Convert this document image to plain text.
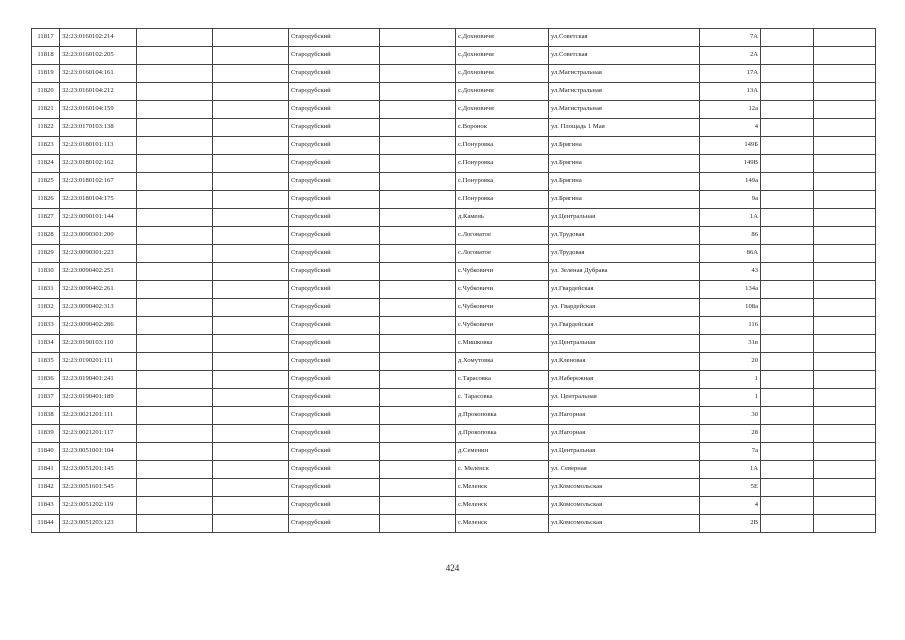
11817	32:23:0160102:214			Стародубский		с.Дохновичи	ул.Советская	7А		
11818	32:23:0160102:205			Стародубский		с.Дохновичи	ул.Советская	2А		
11819	32:23:0160104:161			Стародубский		с.Дохновичи	ул.Магистральная	17А		
11820	32:23:0160104:212			Стародубский		с.Дохновичи	ул.Магистральная	13А		
11821	32:23:0160104:159			Стародубский		с.Дохновичи	ул.Магистральная	12а		
11822	32:23:0170103:138			Стародубский		с.Воронок	ул. Площадь 1 Мая	4		
11823	32:23:0180101:113			Стародубский		с.Понуровка	ул.Брягина	149Б		
11824	32:23:0180102:162			Стародубский		с.Понуровка	ул.Брягина	149В		
11825	32:23:0180102:167			Стародубский		с.Понуровка	ул.Брягина	149а		
11826	32:23:0180104:175			Стародубский		с.Понуровка	ул.Брягина	9а		
11827	32:23:0090101:144			Стародубский		д.Камень	ул.Центральная	1А		
11828	32:23:0090301:200			Стародубский		с.Логоватое	ул.Трудовая	86		
11829	32:23:0090301:223			Стародубский		с.Логоватое	ул.Трудовая	86А		
11830	32:23:0090402:251			Стародубский		с.Чубковичи	ул. Зеленая Дубрава	43		
11831	32:23:0090402:261			Стародубский		с.Чубковичи	ул.Гвардейская	134а		
11832	32:23:0090402:313			Стародубский		с.Чубковичи	ул. Гвардейская	108а		
11833	32:23:0090402:286			Стародубский		с.Чубковичи	ул.Гвардейская	116		
11834	32:23:0190103:110			Стародубский		с.Мишковка	ул.Центральная	31в		
11835	32:23:0190201:111			Стародубский		д.Хомутовка	ул.Кленовая	20		
11836	32:23:0190401:241			Стародубский		с.Тарасовка	ул.Набережная	1		
11837	32:23:0190401:189			Стародубский		с. Тарасовка	ул. Центральная	1		
11838	32:23:0021201:111			Стародубский		д.Прокоповка	ул.Нагорная	30		
11839	32:23:0021201:117			Стародубский		д.Прокоповка	ул.Нагорная	28		
11840	32:23:0051001:104			Стародубский		д.Семенин	ул.Центральная	7а		
11841	32:23:0051201:145			Стародубский		с. Меленск	ул. Северная	1А		
11842	32:23:0051601:545			Стародубский		с.Меленск	ул.Комсомольская	5Е		
11843	32:23:0051202:119			Стародубский		с.Меленск	ул.Комсомольская	4		
11844	32:23:0051203:123			Стародубский		с.Меленск	ул.Комсомольская	2В		
424
